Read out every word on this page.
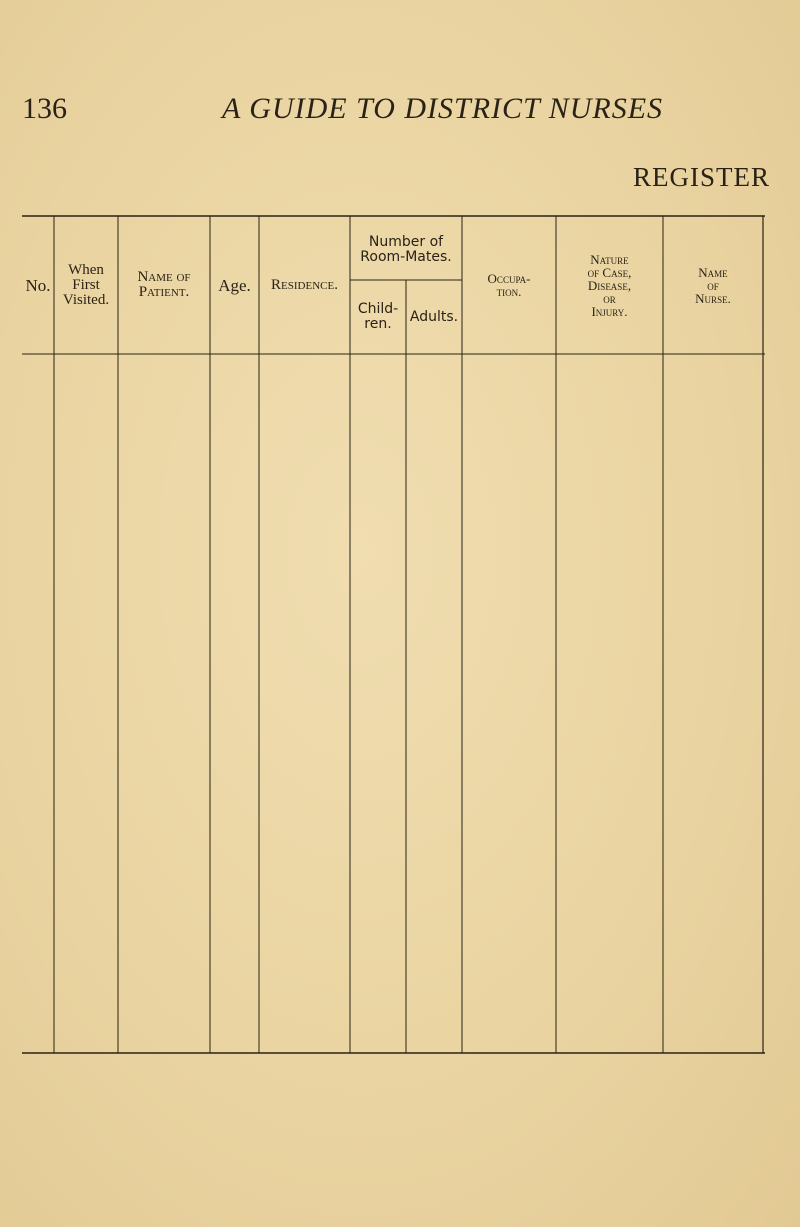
136	A GUIDE TO DISTRICT NURSES
REGISTER
No.
When
First
Visited.
Name of
Patient. Age. Residence.
Number of
Room-Mates.
Child-
ren. Adults.
Occupa-
tion.
Nature
of Case,
Disease,
or
Injury.
Name
of
Nurse.
